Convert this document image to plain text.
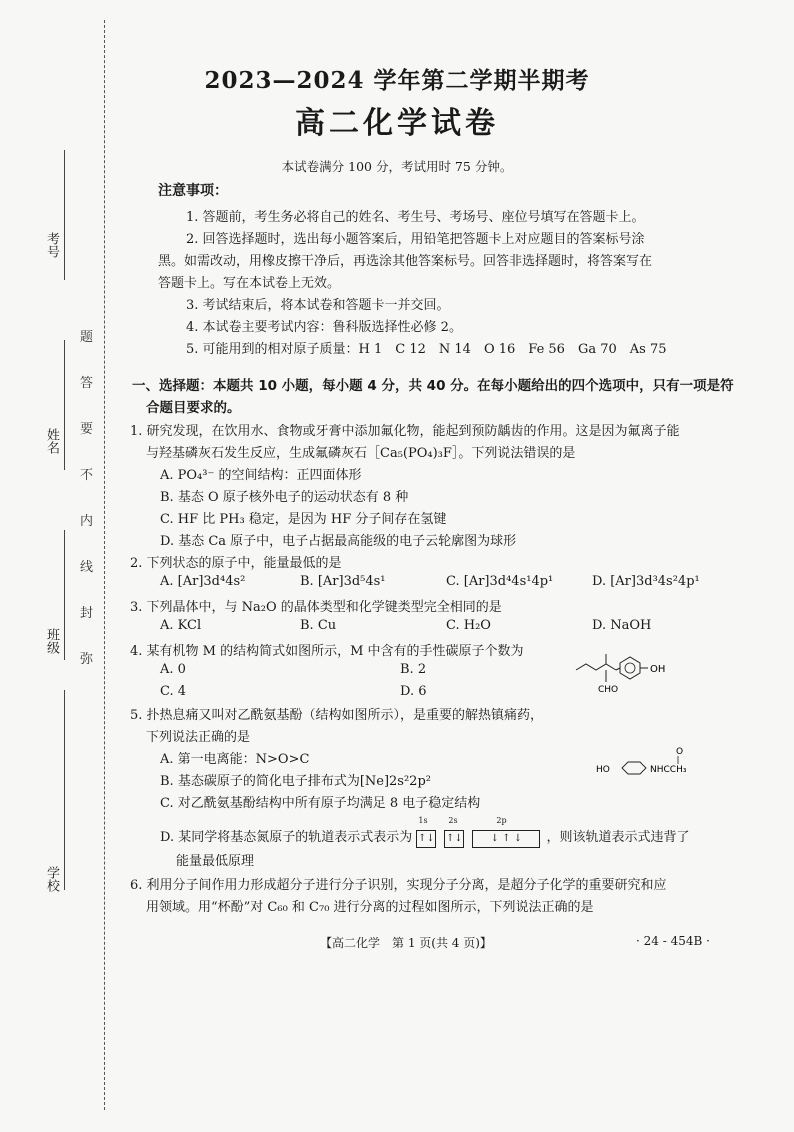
考号
姓名
班级
学校
题
答
要
不
内
线
封
弥
2023—2024 学年第二学期半期考
高二化学试卷
本试卷满分 100 分，考试用时 75 分钟。
注意事项：
1. 答题前，考生务必将自己的姓名、考生号、考场号、座位号填写在答题卡上。
2. 回答选择题时，选出每小题答案后，用铅笔把答题卡上对应题目的答案标号涂
黑。如需改动，用橡皮擦干净后，再选涂其他答案标号。回答非选择题时，将答案写在
答题卡上。写在本试卷上无效。
3. 考试结束后，将本试卷和答题卡一并交回。
4. 本试卷主要考试内容：鲁科版选择性必修 2。
5. 可能用到的相对原子质量：H 1　C 12　N 14　O 16　Fe 56　Ga 70　As 75
一、选择题：本题共 10 小题，每小题 4 分，共 40 分。在每小题给出的四个选项中，只有一项是符
合题目要求的。
1. 研究发现，在饮用水、食物或牙膏中添加氟化物，能起到预防龋齿的作用。这是因为氟离子能
与羟基磷灰石发生反应，生成氟磷灰石［Ca₅(PO₄)₃F］。下列说法错误的是
A. PO₄³⁻ 的空间结构：正四面体形
B. 基态 O 原子核外电子的运动状态有 8 种
C. HF 比 PH₃ 稳定，是因为 HF 分子间存在氢键
D. 基态 Ca 原子中，电子占据最高能级的电子云轮廓图为球形
2. 下列状态的原子中，能量最低的是
A. [Ar]3d⁴4s²	B. [Ar]3d⁵4s¹	C. [Ar]3d⁴4s¹4p¹	D. [Ar]3d³4s²4p¹
3. 下列晶体中，与 Na₂O 的晶体类型和化学键类型完全相同的是
A. KCl	B. Cu	C. H₂O	D. NaOH
4. 某有机物 M 的结构简式如图所示，M 中含有的手性碳原子个数为
A. 0	B. 2
C. 4	D. 6
OH
CHO
5. 扑热息痛又叫对乙酰氨基酚（结构如图所示），是重要的解热镇痛药，
下列说法正确的是
A. 第一电离能：N>O>C
B. 基态碳原子的简化电子排布式为[Ne]2s²2p²
C. 对乙酰氨基酚结构中所有原子均满足 8 电子稳定结构
O
HO	NHCCH₃
D. 某同学将基态氮原子的轨道表示式表示为
1s
↑↓
2s
↑↓
2p
↓ ↑ ↓	，则该轨道表示式违背了
能量最低原理
6. 利用分子间作用力形成超分子进行分子识别，实现分子分离，是超分子化学的重要研究和应
用领域。用“杯酚”对 C₆₀ 和 C₇₀ 进行分离的过程如图所示，下列说法正确的是
【高二化学　第 1 页(共 4 页)】	· 24 - 454B ·
